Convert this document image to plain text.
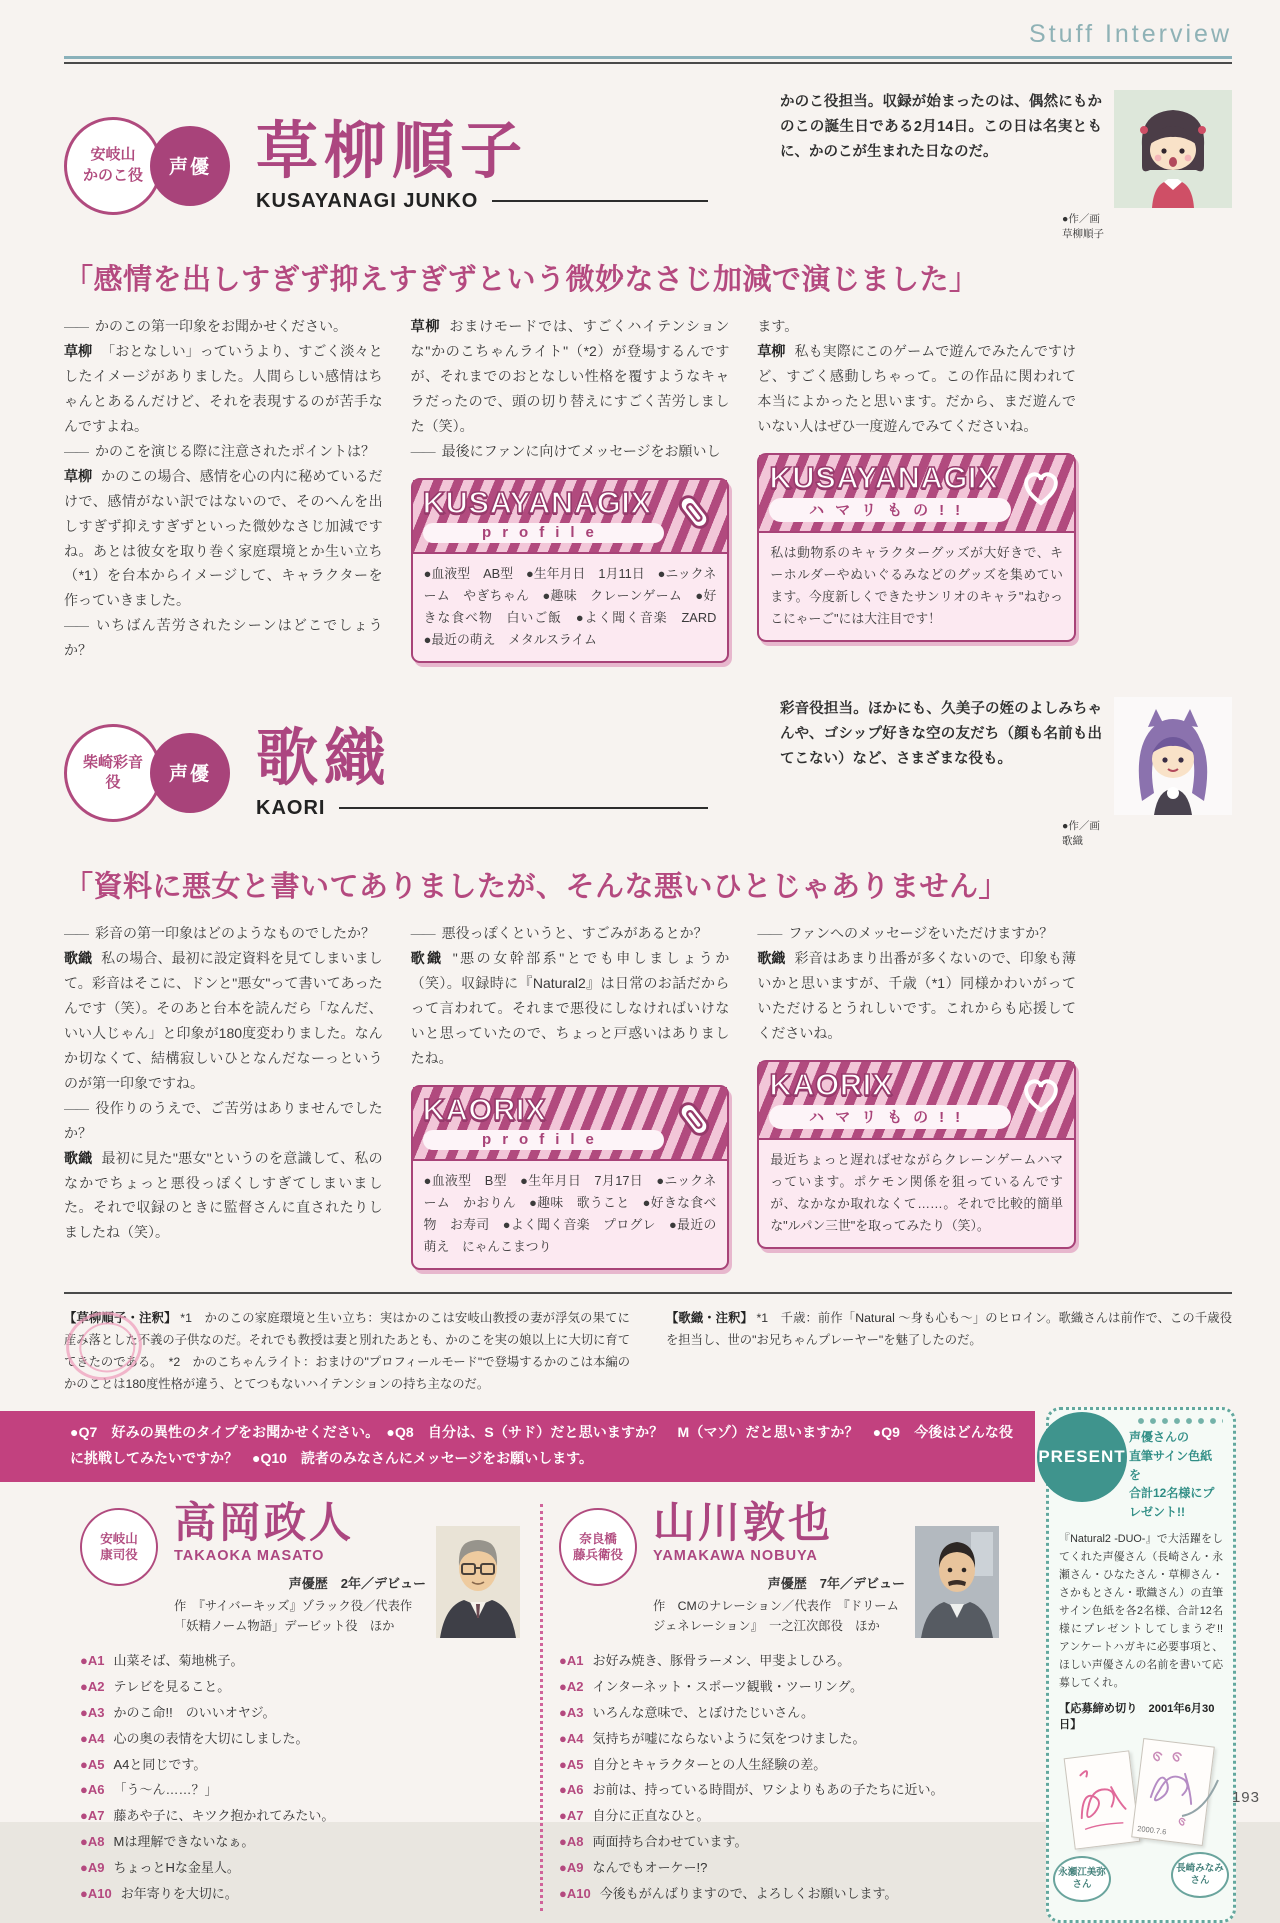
Stuff Interview
安岐山
かのこ役	声優 草柳順子
KUSAYANAGI JUNKO
かのこ役担当。収録が始まったのは、偶然にもかのこの誕生日である2月14日。この日は名実ともに、かのこが生まれた日なのだ。
●作／画
草柳順子
「感情を出しすぎず抑えすぎずという微妙なさじ加減で演じました」

―― かのこの第一印象をお聞かせください。

草柳 「おとなしい」っていうより、すごく淡々としたイメージがありました。人間らしい感情はちゃんとあるんだけど、それを表現するのが苦手なんですよね。

―― かのこを演じる際に注意されたポイントは？

草柳 かのこの場合、感情を心の内に秘めているだけで、感情がない訳ではないので、そのへんを出しすぎず抑えすぎずといった微妙なさじ加減ですね。あとは彼女を取り巻く家庭環境とか生い立ち（*1）を台本からイメージして、キャラクターを作っていきました。

―― いちばん苦労されたシーンはどこでしょうか？

草柳 おまけモードでは、すごくハイテンションな"かのこちゃんライト"（*2）が登場するんですが、それまでのおとなしい性格を覆すようなキャラだったので、頭の切り替えにすごく苦労しました（笑）。

―― 最後にファンに向けてメッセージをお願いし

KUSAYANAGIX
profile
●血液型　AB型　●生年月日　1月11日　●ニックネーム　やぎちゃん　●趣味　クレーンゲーム　●好きな食べ物　白いご飯　●よく聞く音楽　ZARD　●最近の萌え　メタルスライム

ます。

草柳 私も実際にこのゲームで遊んでみたんですけど、すごく感動しちゃって。この作品に関われて本当によかったと思います。だから、まだ遊んでいない人はぜひ一度遊んでみてくださいね。

KUSAYANAGIX
ハマリもの!!
私は動物系のキャラクターグッズが大好きで、キーホルダーやぬいぐるみなどのグッズを集めています。今度新しくできたサンリオのキャラ"ねむっこにゃーご"には大注目です！
柴崎彩音
役	声優 歌織
KAORI
彩音役担当。ほかにも、久美子の姪のよしみちゃんや、ゴシップ好きな空の友だち（顔も名前も出てこない）など、さまざまな役も。
●作／画
歌織
「資料に悪女と書いてありましたが、そんな悪いひとじゃありません」

―― 彩音の第一印象はどのようなものでしたか？

歌織 私の場合、最初に設定資料を見てしまいまして。彩音はそこに、ドンと"悪女"って書いてあったんです（笑）。そのあと台本を読んだら「なんだ、いい人じゃん」と印象が180度変わりました。なんか切なくて、結構寂しいひとなんだなーっというのが第一印象ですね。

―― 役作りのうえで、ご苦労はありませんでしたか？

歌織 最初に見た"悪女"というのを意識して、私のなかでちょっと悪役っぽくしすぎてしまいました。それで収録のときに監督さんに直されたりしましたね（笑）。

―― 悪役っぽくというと、すごみがあるとか？

歌織 "悪の女幹部系"とでも申しましょうか（笑）。収録時に『Natural2』は日常のお話だからって言われて。それまで悪役にしなければいけないと思っていたので、ちょっと戸惑いはありましたね。

KAORIX
profile
●血液型　B型　●生年月日　7月17日　●ニックネーム　かおりん　●趣味　歌うこと　●好きな食べ物　お寿司　●よく聞く音楽　プログレ　●最近の萌え　にゃんこまつり

―― ファンへのメッセージをいただけますか？

歌織 彩音はあまり出番が多くないので、印象も薄いかと思いますが、千歳（*1）同様かわいがっていただけるとうれしいです。これからも応援してくださいね。

KAORIX
ハマリもの!!
最近ちょっと遅ればせながらクレーンゲームハマっています。ポケモン関係を狙っているんですが、なかなか取れなくて……。それで比較的簡単な"ルパン三世"を取ってみたり（笑）。

【草柳順子・注釈】 *1　かのこの家庭環境と生い立ち：実はかのこは安岐山教授の妻が浮気の果てに産み落とした不義の子供なのだ。それでも教授は妻と別れたあとも、かのこを実の娘以上に大切に育ててきたのである。　*2　かのこちゃんライト：おまけの"プロフィールモード"で登場するかのこは本編のかのことは180度性格が違う、とてつもないハイテンションの持ち主なのだ。

【歌織・注釈】 *1　千歳：前作「Natural 〜身も心も〜」のヒロイン。歌織さんは前作で、この千歳役を担当し、世の"お兄ちゃんプレーヤー"を魅了したのだ。

●Q7　好みの異性のタイプをお聞かせください。　●Q8　自分は、S（サド）だと思いますか？　M（マゾ）だと思いますか？　●Q9　今後はどんな役に挑戦してみたいですか？　●Q10　読者のみなさんにメッセージをお願いします。
安岐山
康司役
高岡政人
TAKAOKA MASATO
声優歴　2年／デビュー
作　『サイバーキッズ』ゾラック役／代表作
「妖精ノーム物語」デービット役　ほか

●A1 山菜そば、菊地桃子。

●A2 テレビを見ること。

●A3 かのこ命!!　のいいオヤジ。

●A4 心の奥の表情を大切にしました。

●A5 A4と同じです。

●A6 「う〜ん……？」

●A7 藤あや子に、キツク抱かれてみたい。

●A8 Mは理解できないなぁ。

●A9 ちょっとHな金星人。

●A10 お年寄りを大切に。

奈良橋
藤兵衛役
山川敦也
YAMAKAWA NOBUYA
声優歴　7年／デビュー
作　CMのナレーション／代表作　『ドリームジェネレーション』　一之江次郎役　ほか

●A1 お好み焼き、豚骨ラーメン、甲斐よしひろ。

●A2 インターネット・スポーツ観戦・ツーリング。

●A3 いろんな意味で、とぼけたじいさん。

●A4 気持ちが嘘にならないように気をつけました。

●A5 自分とキャラクターとの人生経験の差。

●A6 お前は、持っている時間が、ワシよりもあの子たちに近い。

●A7 自分に正直なひと。

●A8 両面持ち合わせています。

●A9 なんでもオーケー!?

●A10 今後もがんばりますので、よろしくお願いします。

PRESENT
声優さんの
直筆サイン色紙を
合計12名様にプレゼント!!
『Natural2 -DUO-』で大活躍をしてくれた声優さん（長崎さん・永瀬さん・ひなたさん・草柳さん・さかもとさん・歌織さん）の直筆サイン色紙を各2名様、合計12名様にプレゼントしてしまうぞ!!　アンケートハガキに必要事項と、ほしい声優さんの名前を書いて応募してくれ。
【応募締め切り　2001年6月30日】
2000.7.6
永瀬江美弥
さん
長崎みなみ
さん
193
